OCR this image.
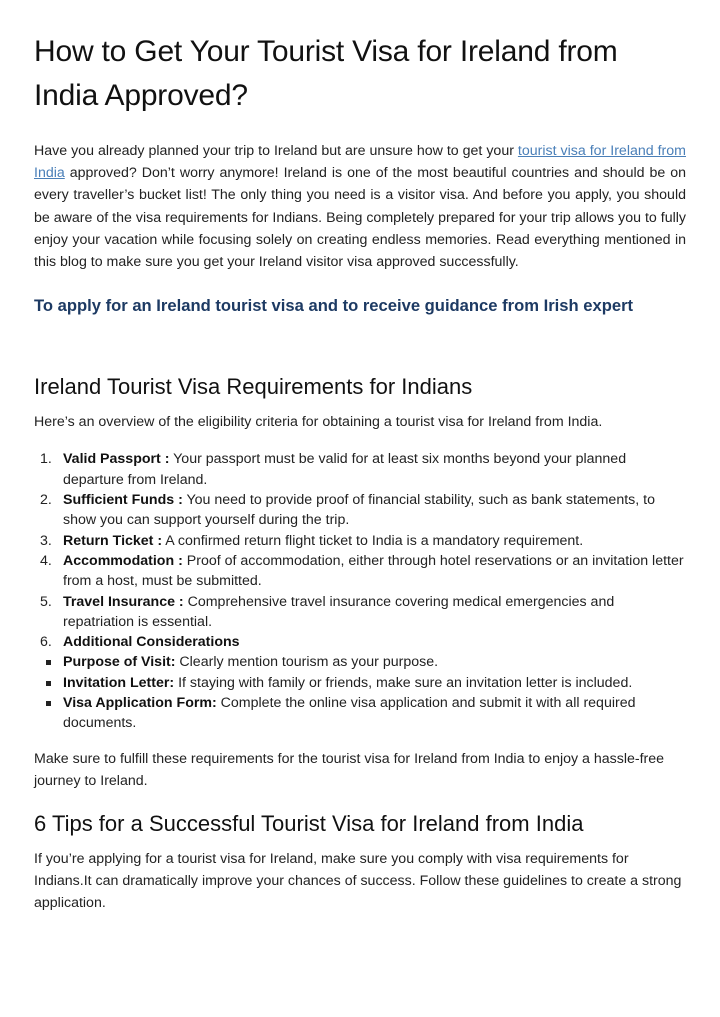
How to Get Your Tourist Visa for Ireland from India Approved?

Have you already planned your trip to Ireland but are unsure how to get your tourist visa for Ireland from India approved? Don’t worry anymore! Ireland is one of the most beautiful countries and should be on every traveller’s bucket list! The only thing you need is a visitor visa. And before you apply, you should be aware of the visa requirements for Indians. Being completely prepared for your trip allows you to fully enjoy your vacation while focusing solely on creating endless memories. Read everything mentioned in this blog to make sure you get your Ireland visitor visa approved successfully.

To apply for an Ireland tourist visa and to receive guidance from Irish expert
Ireland Tourist Visa Requirements for Indians

Here’s an overview of the eligibility criteria for obtaining a tourist visa for Ireland from India.

1. Valid Passport : Your passport must be valid for at least six months beyond your planned departure from Ireland.
2. Sufficient Funds : You need to provide proof of financial stability, such as bank statements, to show you can support yourself during the trip.
3. Return Ticket : A confirmed return flight ticket to India is a mandatory requirement.
4. Accommodation : Proof of accommodation, either through hotel reservations or an invitation letter from a host, must be submitted.
5. Travel Insurance : Comprehensive travel insurance covering medical emergencies and repatriation is essential.
6. Additional Considerations
Purpose of Visit: Clearly mention tourism as your purpose.
Invitation Letter: If staying with family or friends, make sure an invitation letter is included.
Visa Application Form: Complete the online visa application and submit it with all required documents.

Make sure to fulfill these requirements for the tourist visa for Ireland from India to enjoy a hassle-free journey to Ireland.

6 Tips for a Successful Tourist Visa for Ireland from India

If you’re applying for a tourist visa for Ireland, make sure you comply with visa requirements for Indians.It can dramatically improve your chances of success. Follow these guidelines to create a strong application.
